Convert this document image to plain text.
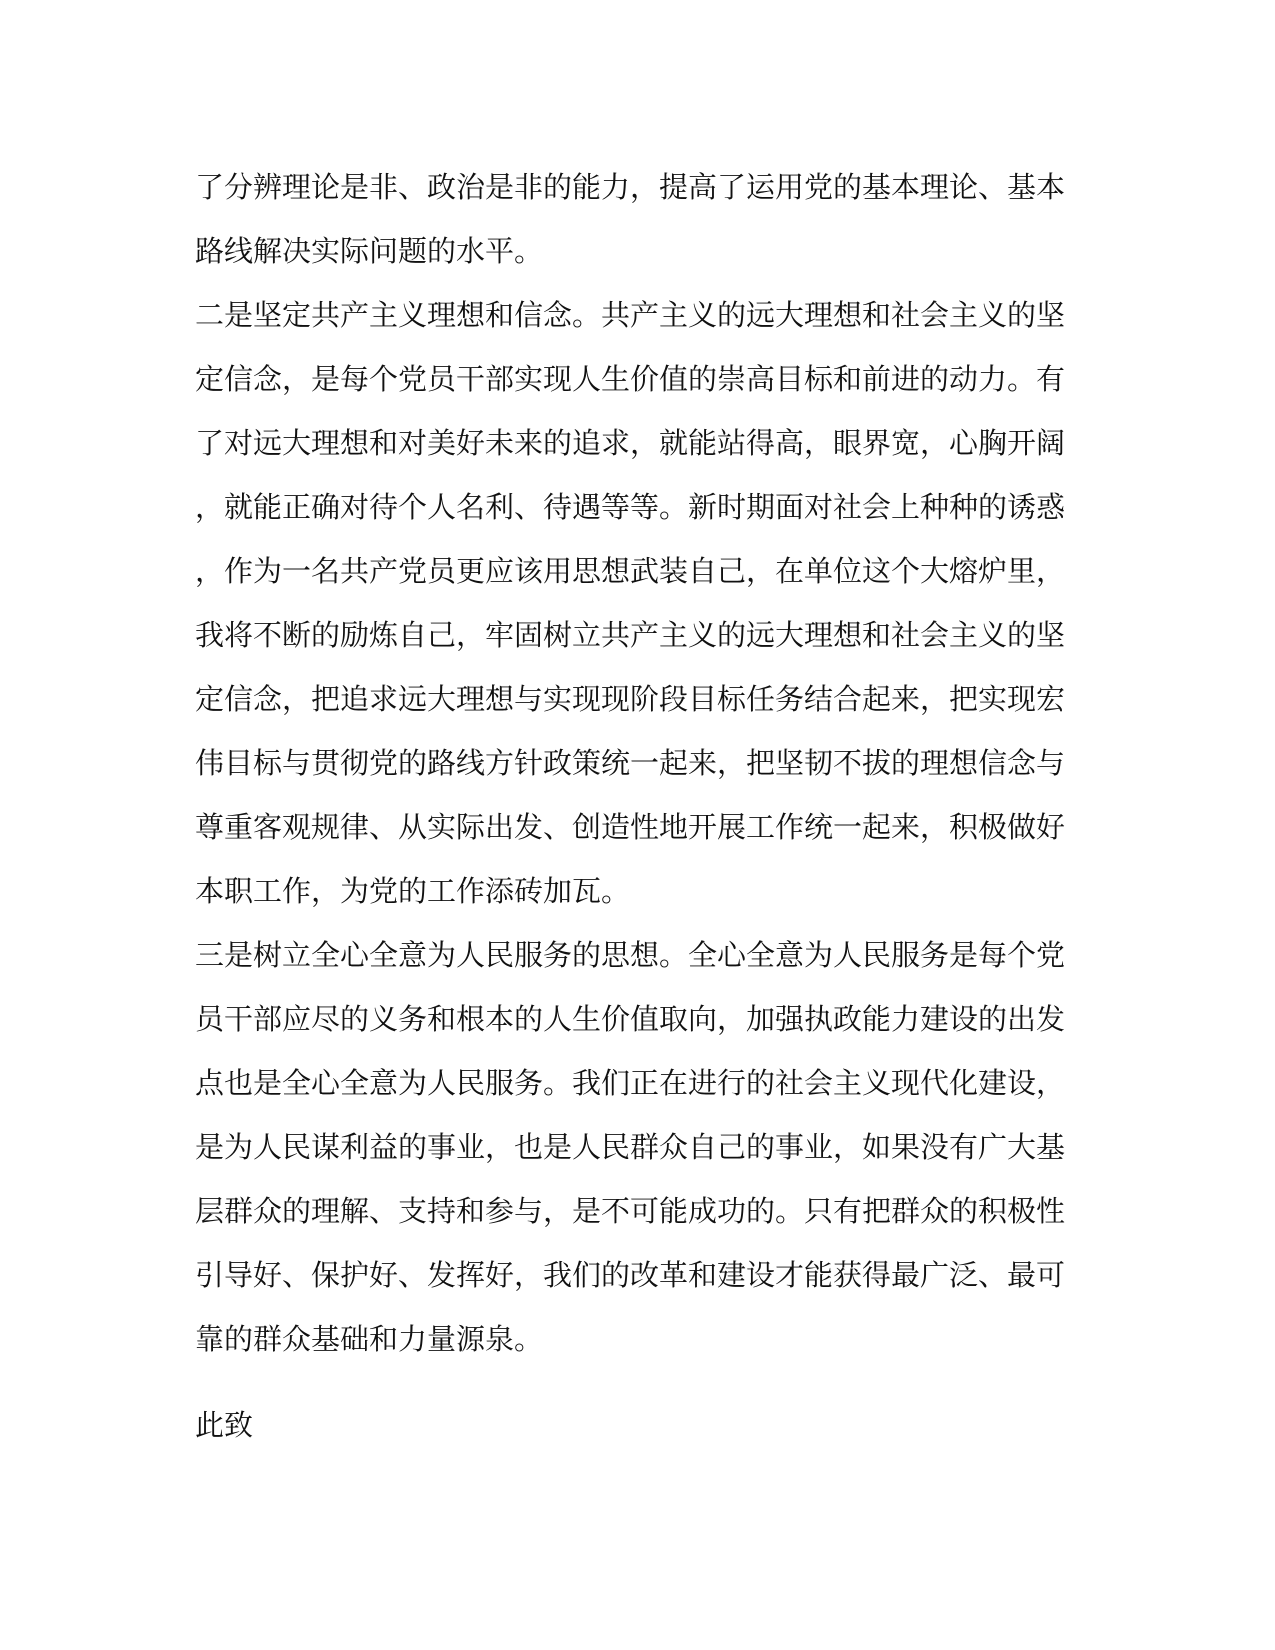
了分辨理论是非、政治是非的能力，提高了运用党的基本理论、基本

路线解决实际问题的水平。

二是坚定共产主义理想和信念。共产主义的远大理想和社会主义的坚

定信念，是每个党员干部实现人生价值的崇高目标和前进的动力。有

了对远大理想和对美好未来的追求，就能站得高，眼界宽，心胸开阔

，就能正确对待个人名利、待遇等等。新时期面对社会上种种的诱惑

，作为一名共产党员更应该用思想武装自己，在单位这个大熔炉里，

我将不断的励炼自己，牢固树立共产主义的远大理想和社会主义的坚

定信念，把追求远大理想与实现现阶段目标任务结合起来，把实现宏

伟目标与贯彻党的路线方针政策统一起来，把坚韧不拔的理想信念与

尊重客观规律、从实际出发、创造性地开展工作统一起来，积极做好

本职工作，为党的工作添砖加瓦。

三是树立全心全意为人民服务的思想。全心全意为人民服务是每个党

员干部应尽的义务和根本的人生价值取向，加强执政能力建设的出发

点也是全心全意为人民服务。我们正在进行的社会主义现代化建设，

是为人民谋利益的事业，也是人民群众自己的事业，如果没有广大基

层群众的理解、支持和参与，是不可能成功的。只有把群众的积极性

引导好、保护好、发挥好，我们的改革和建设才能获得最广泛、最可

靠的群众基础和力量源泉。

此致
